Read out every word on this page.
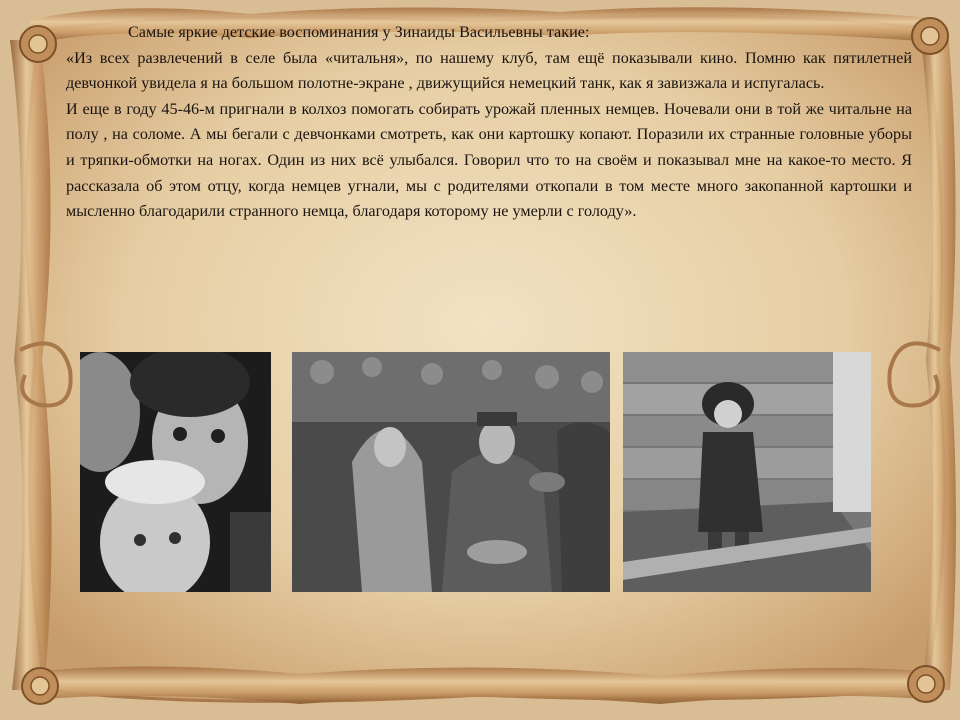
Самые яркие детские воспоминания у Зинаиды Васильевны такие:

«Из всех развлечений в селе была «читальня», по нашему клуб, там ещё показывали кино. Помню как пятилетней девчонкой увидела я на большом полотне-экране , движущийся немецкий танк, как я завизжала и испугалась.

И еще в году 45-46-м пригнали в колхоз помогать собирать урожай пленных немцев. Ночевали они в той же читальне на полу , на соломе. А мы бегали с девчонками смотреть, как они картошку копают. Поразили их странные головные уборы и тряпки-обмотки на ногах. Один из них всё улыбался. Говорил что то на своём и показывал мне на какое-то место. Я рассказала об этом отцу, когда немцев угнали, мы с родителями откопали в том месте много закопанной картошки и мысленно благодарили странного немца, благодаря которому не умерли с голоду».
